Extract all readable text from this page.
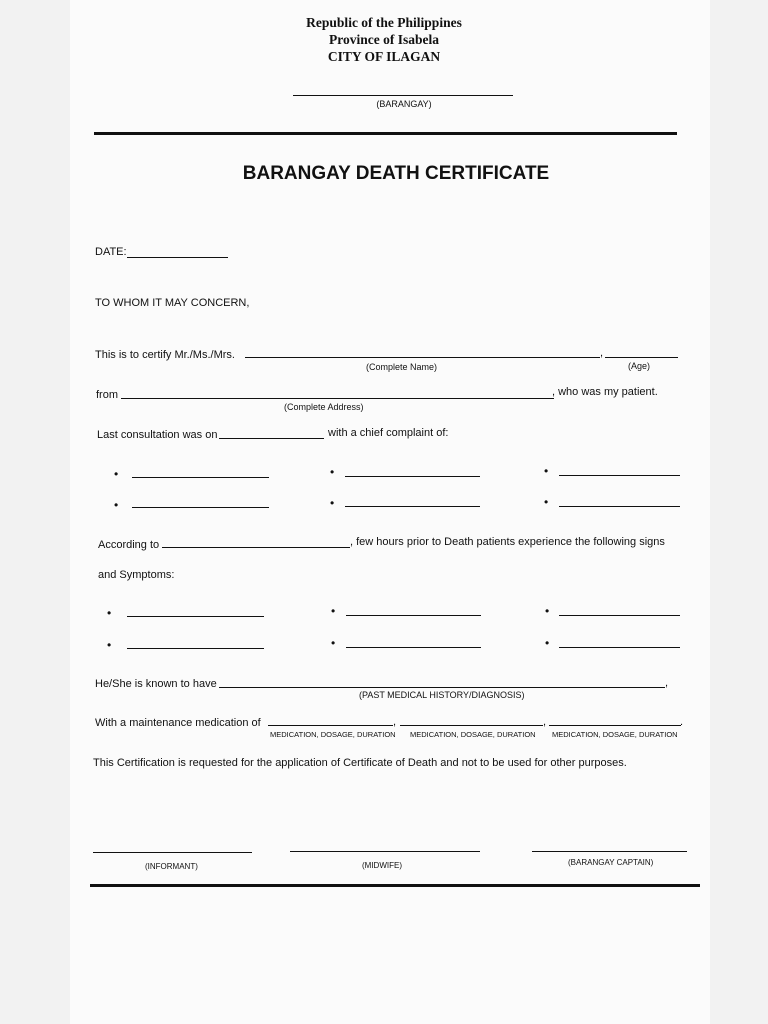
Republic of the Philippines
Province of Isabela
CITY OF ILAGAN
(BARANGAY)
BARANGAY DEATH CERTIFICATE
DATE:
TO WHOM IT MAY CONCERN,
This is to certify Mr./Ms./Mrs.	,
(Complete Name)	(Age)
from	, who was my patient.
(Complete Address)
Last consultation was on	with a chief complaint of:
•	•	•
•	•	•
According to	, few hours prior to Death patients experience the following signs
and Symptoms:
•	•	•
•	•	•
He/She is known to have	,
(PAST MEDICAL HISTORY/DIAGNOSIS)
With a maintenance medication of	,	,	.
MEDICATION, DOSAGE, DURATION MEDICATION, DOSAGE, DURATION MEDICATION, DOSAGE, DURATION
This Certification is requested for the application of Certificate of Death and not to be used for other purposes.
(INFORMANT)	(MIDWIFE)	(BARANGAY CAPTAIN)
